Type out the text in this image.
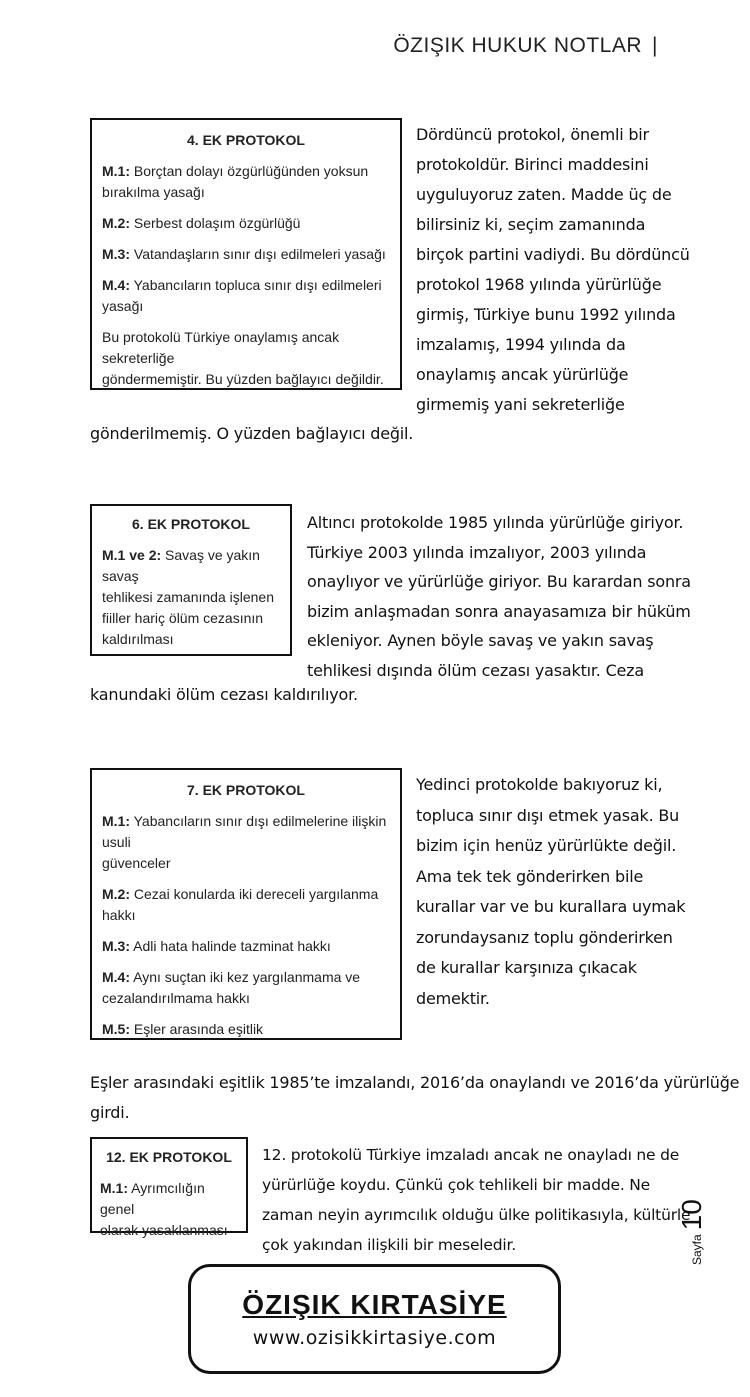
ÖZIŞIK HUKUK NOTLAR |
4. EK PROTOKOL
M.1: Borçtan dolayı özgürlüğünden yoksun
bırakılma yasağı
M.2: Serbest dolaşım özgürlüğü
M.3: Vatandaşların sınır dışı edilmeleri yasağı
M.4: Yabancıların topluca sınır dışı edilmeleri yasağı
Bu protokolü Türkiye onaylamış ancak sekreterliğe
göndermemiştir. Bu yüzden bağlayıcı değildir.
Dördüncü protokol, önemli bir
protokoldür. Birinci maddesini
uyguluyoruz zaten. Madde üç de
bilirsiniz ki, seçim zamanında
birçok partini vadiydi. Bu dördüncü
protokol 1968 yılında yürürlüğe
girmiş, Türkiye bunu 1992 yılında
imzalamış, 1994 yılında da
onaylamış ancak yürürlüğe
girmemiş yani sekreterliğe
gönderilmemiş. O yüzden bağlayıcı değil.
6. EK PROTOKOL
M.1 ve 2: Savaş ve yakın savaş
tehlikesi zamanında işlenen
fiiller hariç ölüm cezasının
kaldırılması
Altıncı protokolde 1985 yılında yürürlüğe giriyor.
Türkiye 2003 yılında imzalıyor, 2003 yılında
onaylıyor ve yürürlüğe giriyor. Bu karardan sonra
bizim anlaşmadan sonra anayasamıza bir hüküm
ekleniyor. Aynen böyle savaş ve yakın savaş
tehlikesi dışında ölüm cezası yasaktır. Ceza
kanundaki ölüm cezası kaldırılıyor.
7. EK PROTOKOL
M.1: Yabancıların sınır dışı edilmelerine ilişkin usuli
güvenceler
M.2: Cezai konularda iki dereceli yargılanma hakkı
M.3: Adli hata halinde tazminat hakkı
M.4: Aynı suçtan iki kez yargılanmama ve
cezalandırılmama hakkı
M.5: Eşler arasında eşitlik
Yedinci protokolde bakıyoruz ki,
topluca sınır dışı etmek yasak. Bu
bizim için henüz yürürlükte değil.
Ama tek tek gönderirken bile
kurallar var ve bu kurallara uymak
zorundaysanız toplu gönderirken
de kurallar karşınıza çıkacak
demektir.
Eşler arasındaki eşitlik 1985’te imzalandı, 2016’da onaylandı ve 2016’da yürürlüğe
girdi.
12. EK PROTOKOL
M.1: Ayrımcılığın genel
olarak yasaklanması
12. protokolü Türkiye imzaladı ancak ne onayladı ne de
yürürlüğe koydu. Çünkü çok tehlikeli bir madde. Ne
zaman neyin ayrımcılık olduğu ülke politikasıyla, kültürle
çok yakından ilişkili bir meseledir.	Sayfa10
ÖZIŞIK KIRTASİYE
www.ozisikkirtasiye.com
